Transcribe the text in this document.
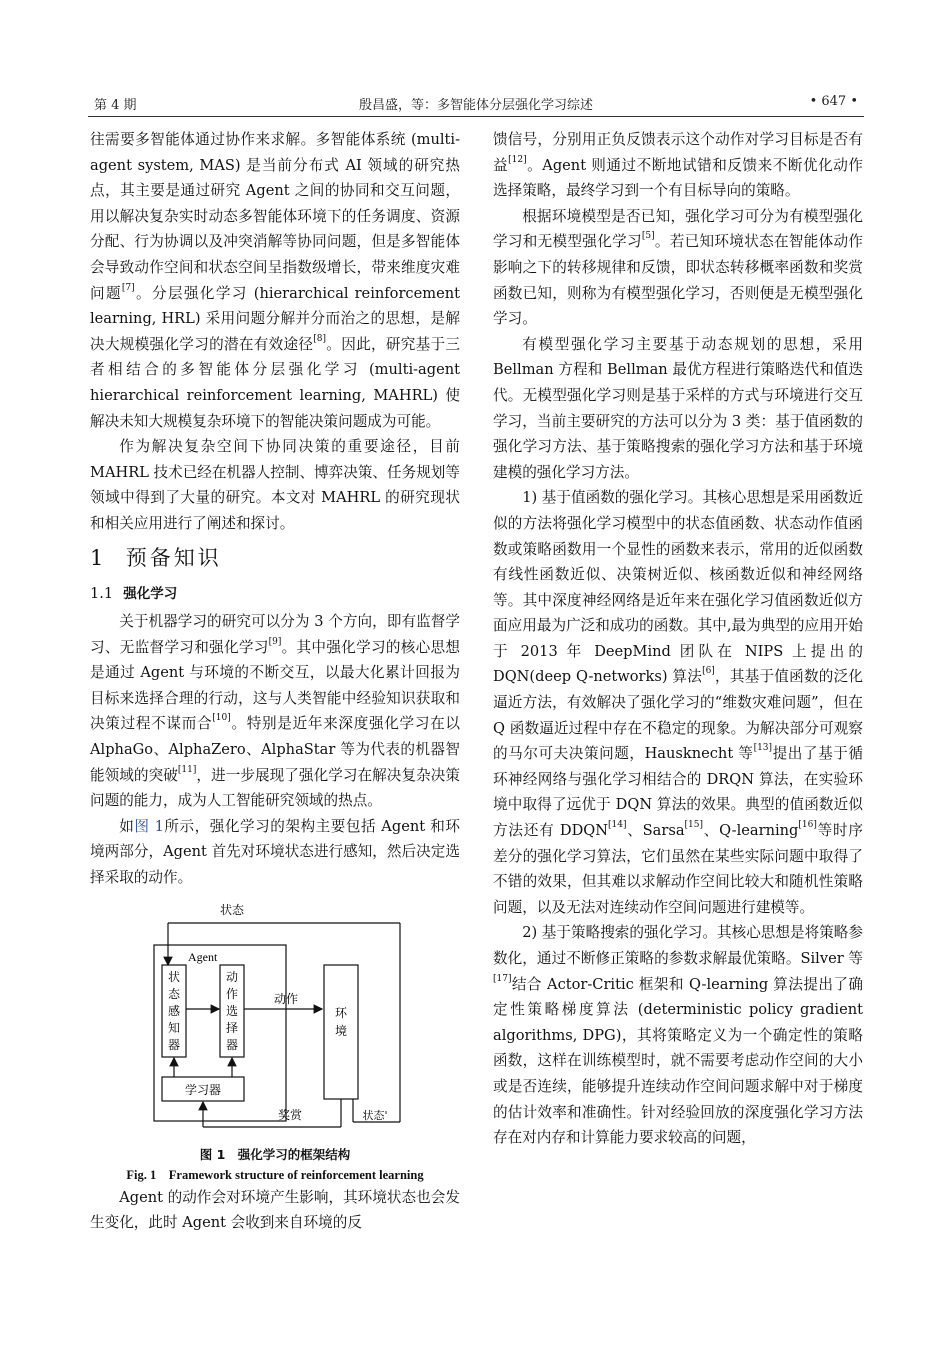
第 4 期	殷昌盛，等：多智能体分层强化学习综述	• 647 •

往需要多智能体通过协作来求解。多智能体系统 (multi-agent system, MAS) 是当前分布式 AI 领域的研究热点，其主要是通过研究 Agent 之间的协同和交互问题，用以解决复杂实时动态多智能体环境下的任务调度、资源分配、行为协调以及冲突消解等协同问题，但是多智能体会导致动作空间和状态空间呈指数级增长，带来维度灾难问题[7]。分层强化学习 (hierarchical reinforcement learning, HRL) 采用问题分解并分而治之的思想，是解决大规模强化学习的潜在有效途径[8]。因此，研究基于三者相结合的多智能体分层强化学习 (multi-agent hierarchical reinforcement learning, MAHRL) 使解决未知大规模复杂环境下的智能决策问题成为可能。

作为解决复杂空间下协同决策的重要途径，目前 MAHRL 技术已经在机器人控制、博弈决策、任务规划等领域中得到了大量的研究。本文对 MAHRL 的研究现状和相关应用进行了阐述和探讨。

1 预备知识

1.1 强化学习

关于机器学习的研究可以分为 3 个方向，即有监督学习、无监督学习和强化学习[9]。其中强化学习的核心思想是通过 Agent 与环境的不断交互，以最大化累计回报为目标来选择合理的行动，这与人类智能中经验知识获取和决策过程不谋而合[10]。特别是近年来深度强化学习在以 AlphaGo、AlphaZero、AlphaStar 等为代表的机器智能领域的突破[11]，进一步展现了强化学习在解决复杂决策问题的能力，成为人工智能研究领域的热点。

如图 1所示，强化学习的架构主要包括 Agent 和环境两部分，Agent 首先对环境状态进行感知，然后决定选择采取的动作。

状态
Agent
状
态
感
知
器
动
作
选
择
器
动作
环
境
学习器
奖赏	状态'

图 1　强化学习的框架结构

Fig. 1　Framework structure of reinforcement learning

Agent 的动作会对环境产生影响，其环境状态也会发生变化，此时 Agent 会收到来自环境的反

馈信号，分别用正负反馈表示这个动作对学习目标是否有益[12]。Agent 则通过不断地试错和反馈来不断优化动作选择策略，最终学习到一个有目标导向的策略。

根据环境模型是否已知，强化学习可分为有模型强化学习和无模型强化学习[5]。若已知环境状态在智能体动作影响之下的转移规律和反馈，即状态转移概率函数和奖赏函数已知，则称为有模型强化学习，否则便是无模型强化学习。

有模型强化学习主要基于动态规划的思想，采用 Bellman 方程和 Bellman 最优方程进行策略迭代和值迭代。无模型强化学习则是基于采样的方式与环境进行交互学习，当前主要研究的方法可以分为 3 类：基于值函数的强化学习方法、基于策略搜索的强化学习方法和基于环境建模的强化学习方法。

1) 基于值函数的强化学习。其核心思想是采用函数近似的方法将强化学习模型中的状态值函数、状态动作值函数或策略函数用一个显性的函数来表示，常用的近似函数有线性函数近似、决策树近似、核函数近似和神经网络等。其中深度神经网络是近年来在强化学习值函数近似方面应用最为广泛和成功的函数。其中,最为典型的应用开始于 2013 年 DeepMind 团队在 NIPS 上提出的 DQN(deep Q-networks) 算法[6]，其基于值函数的泛化逼近方法，有效解决了强化学习的“维数灾难问题”，但在 Q 函数逼近过程中存在不稳定的现象。为解决部分可观察的马尔可夫决策问题，Hausknecht 等[13]提出了基于循环神经网络与强化学习相结合的 DRQN 算法，在实验环境中取得了远优于 DQN 算法的效果。典型的值函数近似方法还有 DDQN[14]、Sarsa[15]、Q-learning[16]等时序差分的强化学习算法，它们虽然在某些实际问题中取得了不错的效果，但其难以求解动作空间比较大和随机性策略问题，以及无法对连续动作空间问题进行建模等。

2) 基于策略搜索的强化学习。其核心思想是将策略参数化，通过不断修正策略的参数求解最优策略。Silver 等[17]结合 Actor-Critic 框架和 Q-learning 算法提出了确定性策略梯度算法 (deterministic policy gradient algorithms, DPG)，其将策略定义为一个确定性的策略函数，这样在训练模型时，就不需要考虑动作空间的大小或是否连续，能够提升连续动作空间问题求解中对于梯度的估计效率和准确性。针对经验回放的深度强化学习方法存在对内存和计算能力要求较高的问题，
